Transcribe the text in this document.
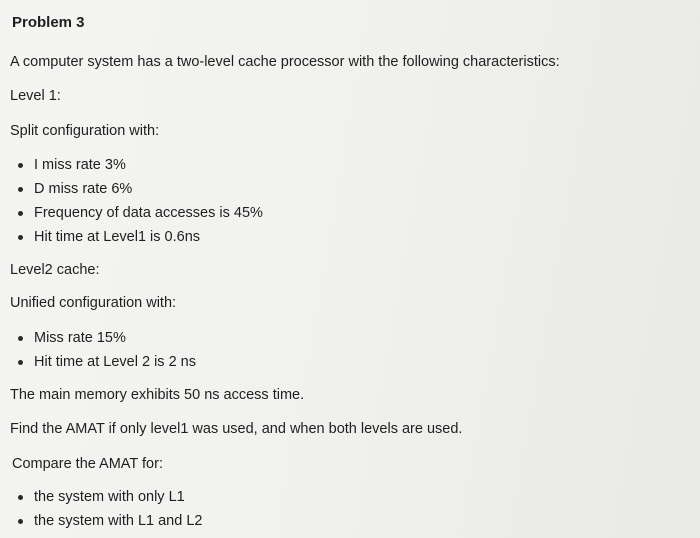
Problem 3

A computer system has a two-level cache processor with the following characteristics:

Level 1:

Split configuration with:

I miss rate 3%
D miss rate 6%
Frequency of data accesses is 45%
Hit time at Level1 is 0.6ns

Level2 cache:

Unified configuration with:

Miss rate 15%
Hit time at Level 2 is 2 ns

The main memory exhibits 50 ns access time.

Find the AMAT if only level1 was used, and when both levels are used.

Compare the AMAT for:

the system with only L1
the system with L1 and L2
